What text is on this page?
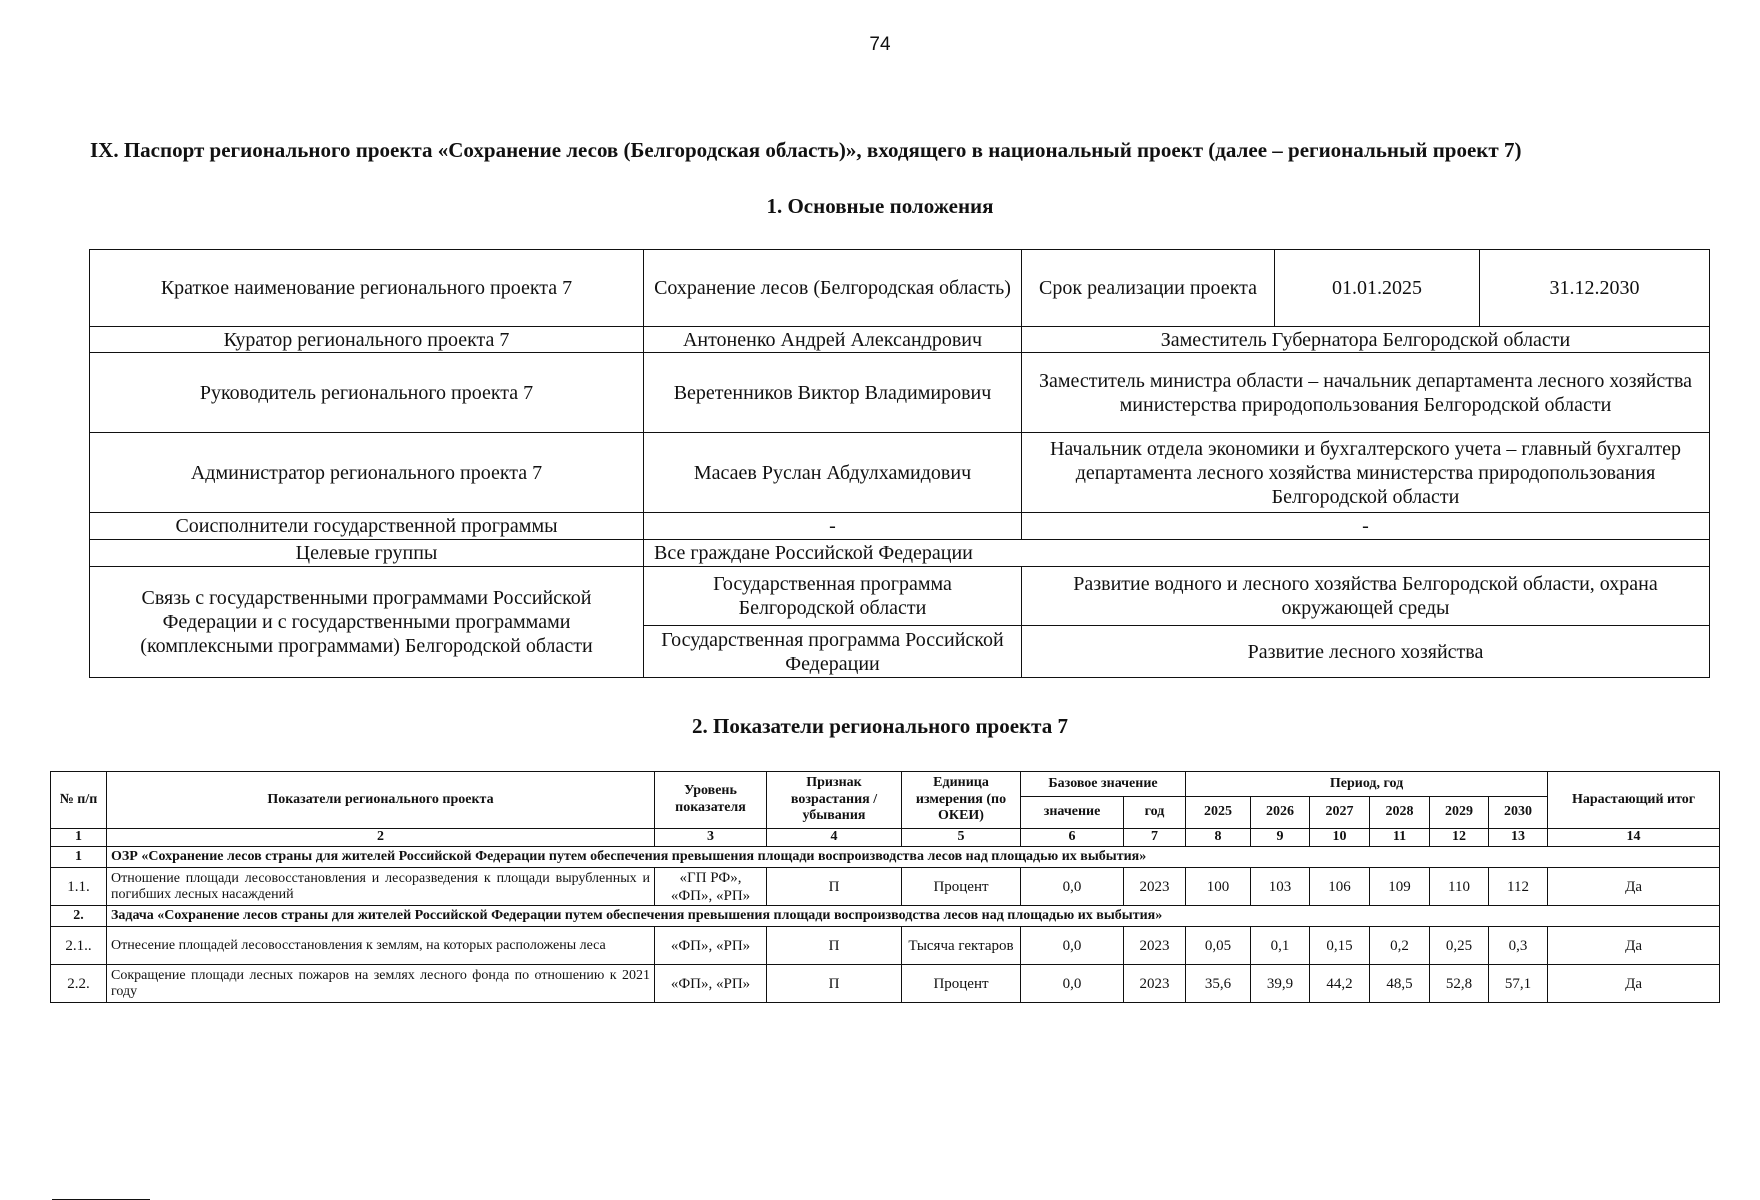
74
IX. Паспорт регионального проекта «Сохранение лесов (Белгородская область)», входящего в национальный проект (далее – региональный проект 7)
1. Основные положения
Краткое наименование регионального проекта 7	Сохранение лесов (Белгородская область)	Срок реализации проекта	01.01.2025	31.12.2030
Куратор регионального проекта 7	Антоненко Андрей Александрович	Заместитель Губернатора Белгородской области		
Руководитель регионального проекта 7	Веретенников Виктор Владимирович	Заместитель министра области – начальник департамента лесного хозяйства министерства природопользования Белгородской области		
Администратор регионального проекта 7	Масаев Руслан Абдулхамидович	Начальник отдела экономики и бухгалтерского учета – главный бухгалтер департамента лесного хозяйства министерства природопользования Белгородской области		
Соисполнители государственной программы	-	-		
Целевые группы	Все граждане Российской Федерации			
Связь с государственными программами Российской Федерации и с государственными программами (комплексными программами) Белгородской области	Государственная программа Белгородской области	Развитие водного и лесного хозяйства Белгородской области, охрана окружающей среды		
	Государственная программа Российской Федерации	Развитие лесного хозяйства		
2. Показатели регионального проекта 7
№ п/п	Показатели регионального проекта	Уровень показателя	Признак возрастания / убывания	Единица измерения (по ОКЕИ)	Базовое значение		Период, год						Нарастающий итог
					значение	год	2025	2026	2027	2028	2029	2030	
1	2	3	4	5	6	7	8	9	10	11	12	13	14
1	ОЗР «Сохранение лесов страны для жителей Российской Федерации путем обеспечения превышения площади воспроизводства лесов над площадью их выбытия»												
1.1.	Отношение площади лесовосстановления и лесоразведения к площади вырубленных и погибших лесных насаждений	«ГП РФ», «ФП», «РП»	П	Процент	0,0	2023	100	103	106	109	110	112	Да
2.	Задача «Сохранение лесов страны для жителей Российской Федерации путем обеспечения превышения площади воспроизводства лесов над площадью их выбытия»												
2.1..	Отнесение площадей лесовосстановления к землям, на которых расположены леса	«ФП», «РП»	П	Тысяча гектаров	0,0	2023	0,05	0,1	0,15	0,2	0,25	0,3	Да
2.2.	Сокращение площади лесных пожаров на землях лесного фонда по отношению к 2021 году	«ФП», «РП»	П	Процент	0,0	2023	35,6	39,9	44,2	48,5	52,8	57,1	Да
